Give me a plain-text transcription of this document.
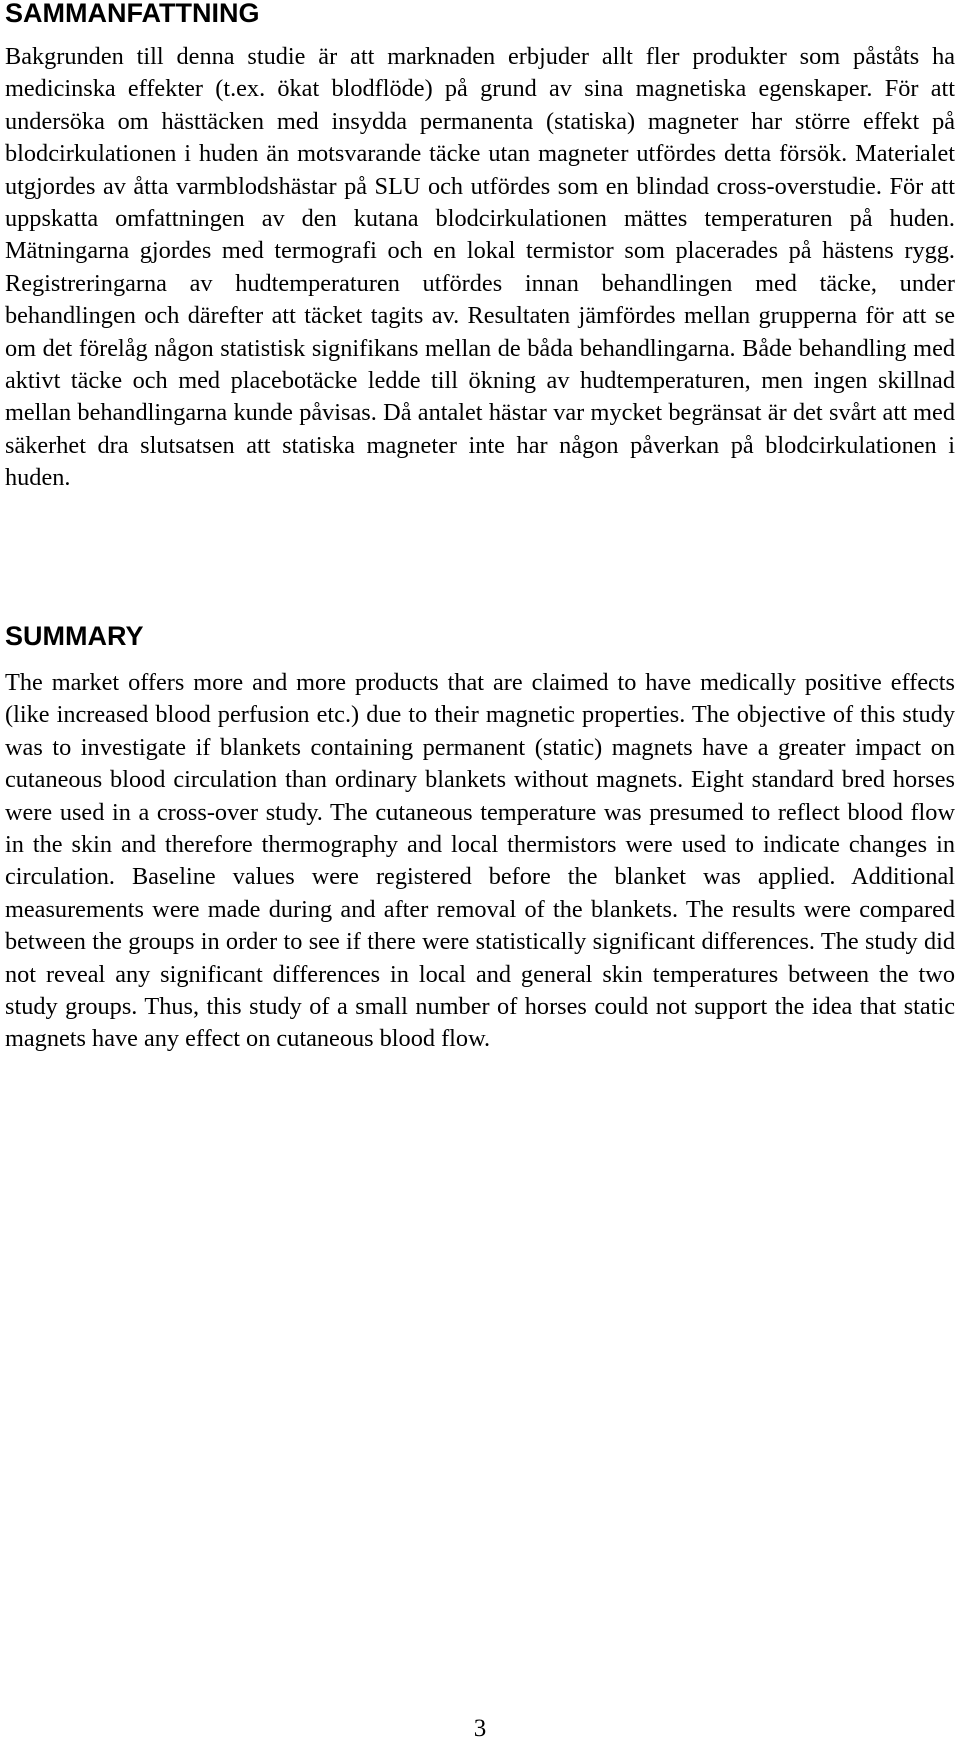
SAMMANFATTNING

Bakgrunden till denna studie är att marknaden erbjuder allt fler produkter som påståts ha medicinska effekter (t.ex. ökat blodflöde) på grund av sina magnetiska egenskaper. För att undersöka om hästtäcken med insydda permanenta (statiska) magneter har större effekt på blodcirkulationen i huden än motsvarande täcke utan magneter utfördes detta försök. Materialet utgjordes av åtta varmblodshästar på SLU och utfördes som en blindad cross-overstudie. För att uppskatta omfattningen av den kutana blodcirkulationen mättes temperaturen på huden. Mätningarna gjordes med termografi och en lokal termistor som placerades på hästens rygg. Registreringarna av hudtemperaturen utfördes innan behandlingen med täcke, under behandlingen och därefter att täcket tagits av. Resultaten jämfördes mellan grupperna för att se om det förelåg någon statistisk signifikans mellan de båda behandlingarna. Både behandling med aktivt täcke och med placebotäcke ledde till ökning av hudtemperaturen, men ingen skillnad mellan behandlingarna kunde påvisas. Då antalet hästar var mycket begränsat är det svårt att med säkerhet dra slutsatsen att statiska magneter inte har någon påverkan på blodcirkulationen i huden.

SUMMARY

The market offers more and more products that are claimed to have medically positive effects (like increased blood perfusion etc.) due to their magnetic properties. The objective of this study was to investigate if blankets containing permanent (static) magnets have a greater impact on cutaneous blood circulation than ordinary blankets without magnets. Eight standard bred horses were used in a cross-over study. The cutaneous temperature was presumed to reflect blood flow in the skin and therefore thermography and local thermistors were used to indicate changes in circulation. Baseline values were registered before the blanket was applied. Additional measurements were made during and after removal of the blankets. The results were compared between the groups in order to see if there were statistically significant differences. The study did not reveal any significant differences in local and general skin temperatures between the two study groups. Thus, this study of a small number of horses could not support the idea that static magnets have any effect on cutaneous blood flow.

3
